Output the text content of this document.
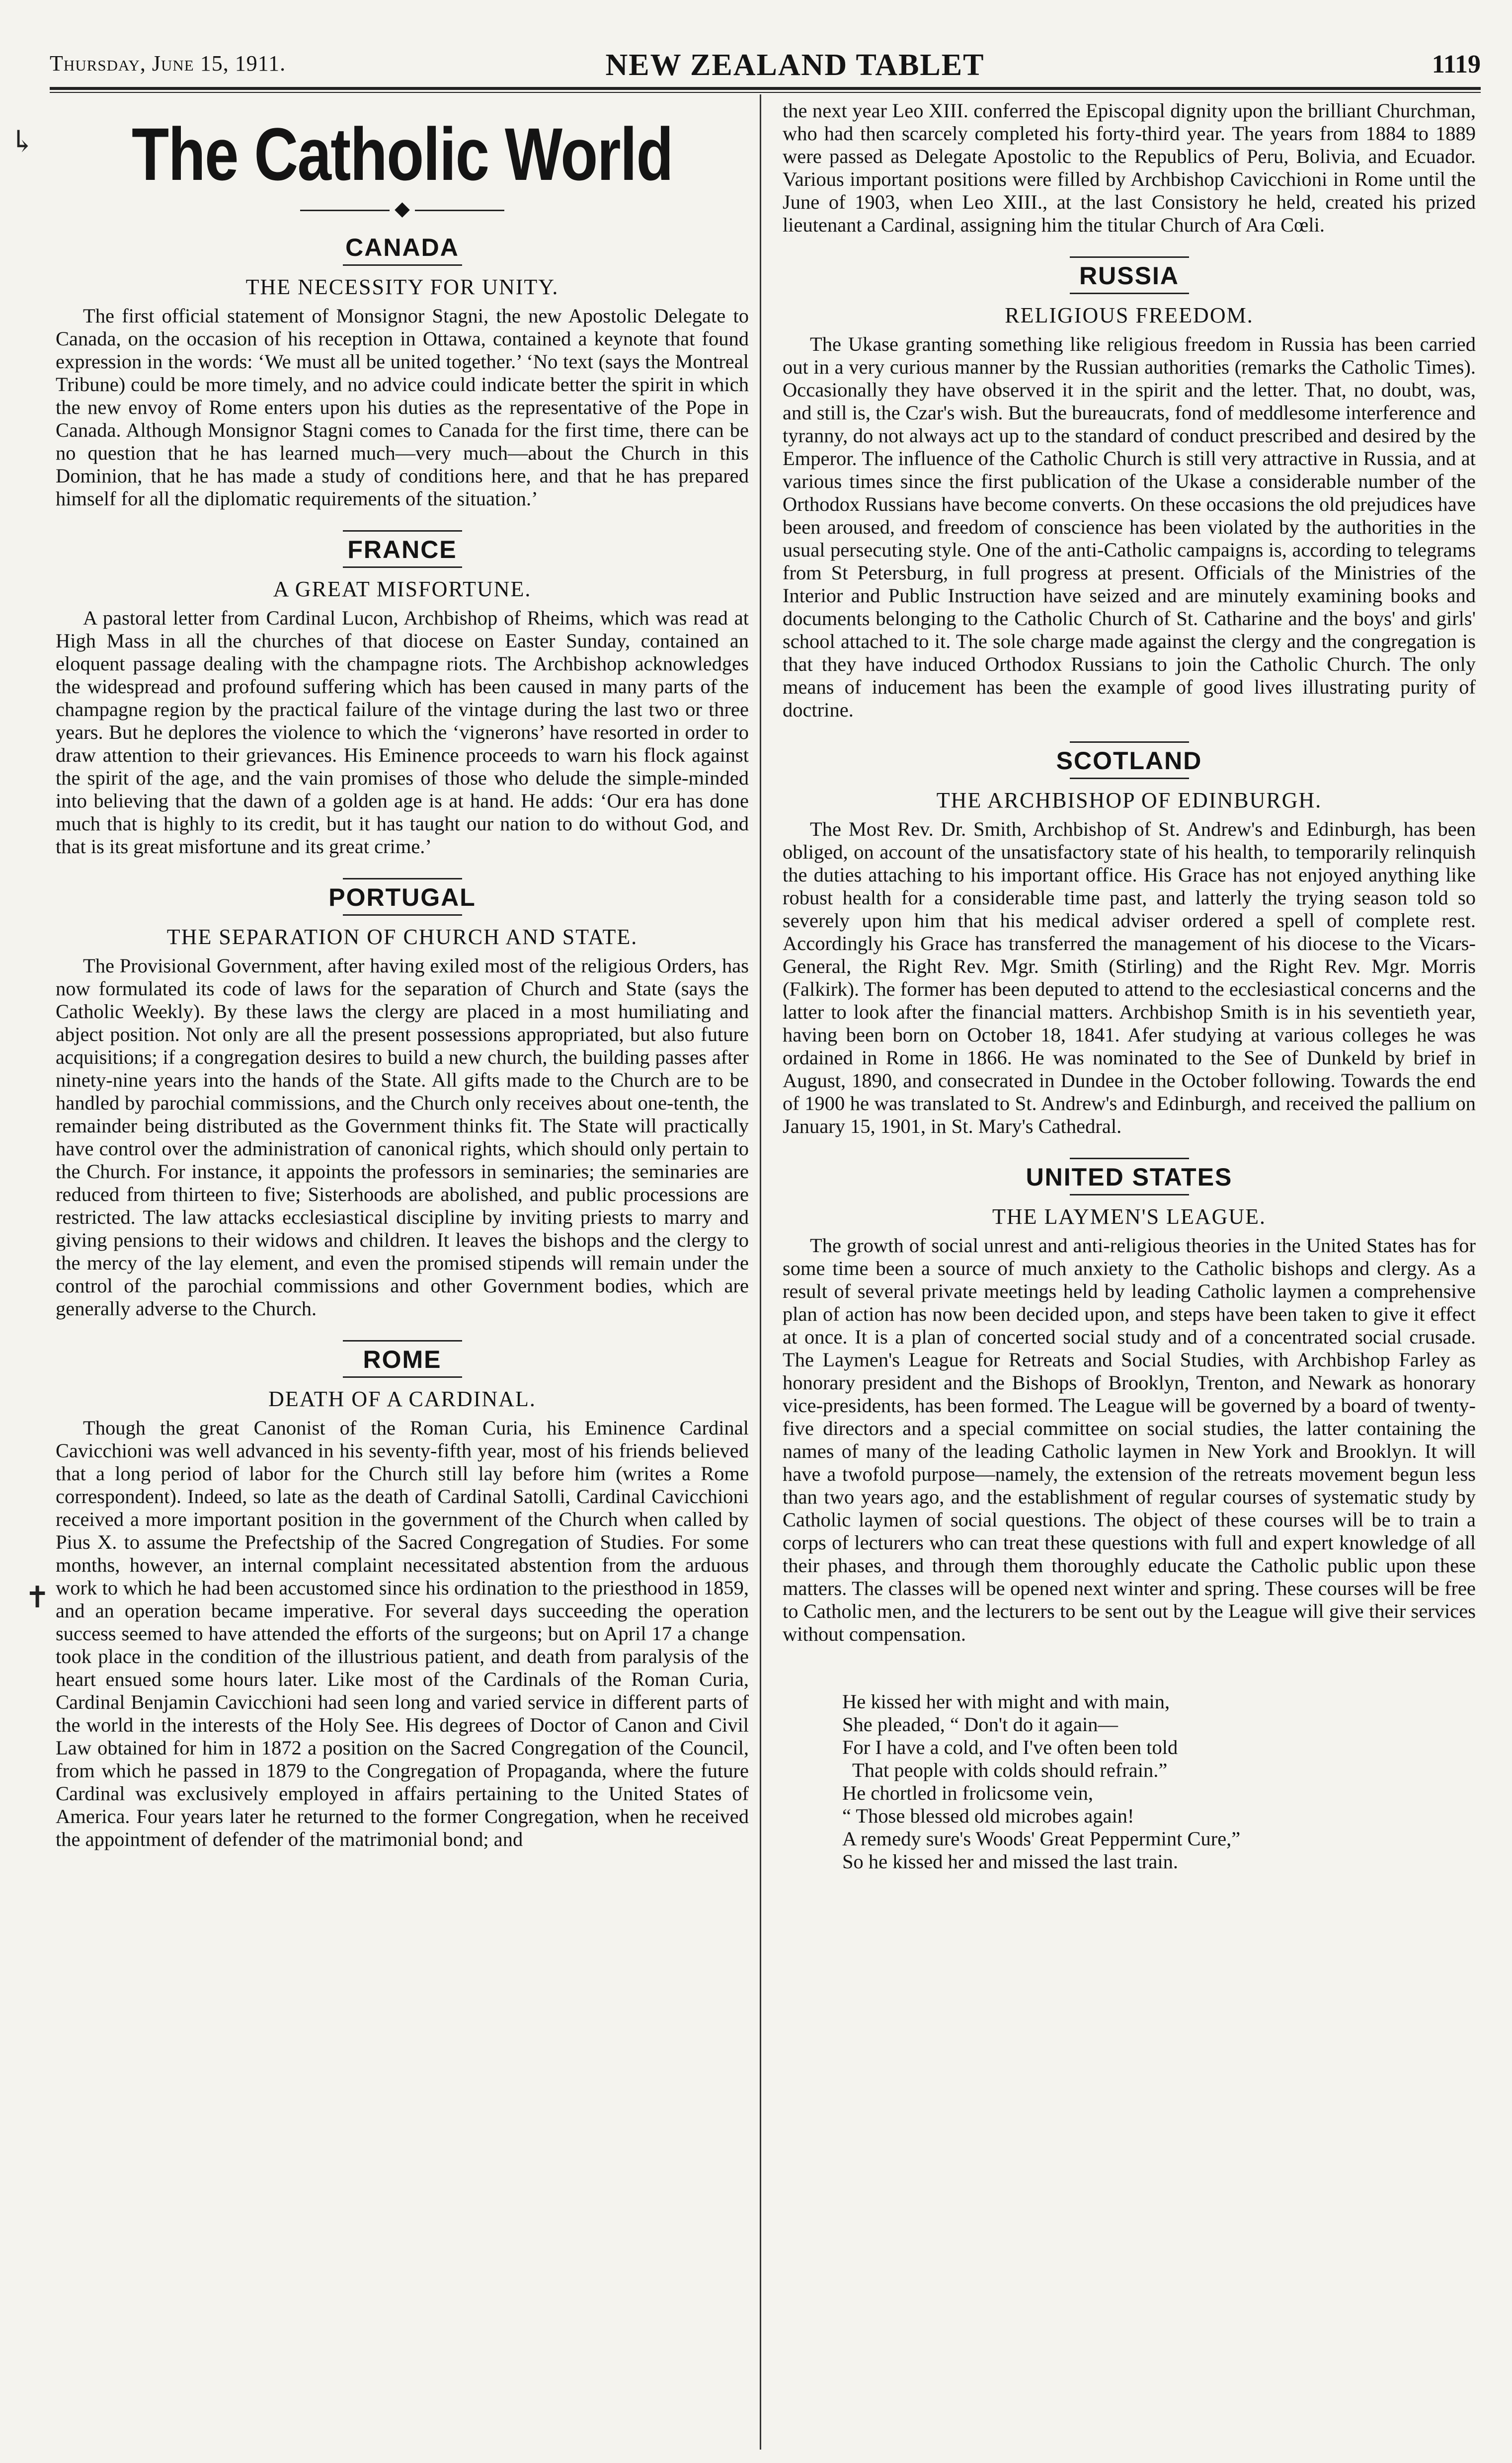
Thursday, June 15, 1911.	NEW ZEALAND TABLET	1119
↳
✝
The Catholic World
◆
CANADA
THE NECESSITY FOR UNITY.

The first official statement of Monsignor Stagni, the new Apostolic Delegate to Canada, on the occasion of his reception in Ottawa, contained a keynote that found expression in the words: ‘We must all be united together.’ ‘No text (says the Montreal Tribune) could be more timely, and no advice could indicate better the spirit in which the new envoy of Rome enters upon his duties as the representative of the Pope in Canada. Although Monsignor Stagni comes to Canada for the first time, there can be no question that he has learned much—very much—about the Church in this Dominion, that he has made a study of conditions here, and that he has prepared himself for all the diplomatic requirements of the situation.’

FRANCE
A GREAT MISFORTUNE.

A pastoral letter from Cardinal Lucon, Archbishop of Rheims, which was read at High Mass in all the churches of that diocese on Easter Sunday, contained an eloquent passage dealing with the champagne riots. The Archbishop acknowledges the widespread and profound suffering which has been caused in many parts of the champagne region by the practical failure of the vintage during the last two or three years. But he deplores the violence to which the ‘vignerons’ have resorted in order to draw attention to their grievances. His Eminence proceeds to warn his flock against the spirit of the age, and the vain promises of those who delude the simple-minded into believing that the dawn of a golden age is at hand. He adds: ‘Our era has done much that is highly to its credit, but it has taught our nation to do without God, and that is its great misfortune and its great crime.’

PORTUGAL
THE SEPARATION OF CHURCH AND STATE.

The Provisional Government, after having exiled most of the religious Orders, has now formulated its code of laws for the separation of Church and State (says the Catholic Weekly). By these laws the clergy are placed in a most humiliating and abject position. Not only are all the present possessions appropriated, but also future acquisitions; if a congregation desires to build a new church, the building passes after ninety-nine years into the hands of the State. All gifts made to the Church are to be handled by parochial commissions, and the Church only receives about one-tenth, the remainder being distributed as the Government thinks fit. The State will practically have control over the administration of canonical rights, which should only pertain to the Church. For instance, it appoints the professors in seminaries; the seminaries are reduced from thirteen to five; Sisterhoods are abolished, and public processions are restricted. The law attacks ecclesiastical discipline by inviting priests to marry and giving pensions to their widows and children. It leaves the bishops and the clergy to the mercy of the lay element, and even the promised stipends will remain under the control of the parochial commissions and other Government bodies, which are generally adverse to the Church.

ROME
DEATH OF A CARDINAL.

Though the great Canonist of the Roman Curia, his Eminence Cardinal Cavicchioni was well advanced in his seventy-fifth year, most of his friends believed that a long period of labor for the Church still lay before him (writes a Rome correspondent). Indeed, so late as the death of Cardinal Satolli, Cardinal Cavicchioni received a more important position in the government of the Church when called by Pius X. to assume the Prefectship of the Sacred Congregation of Studies. For some months, however, an internal complaint necessitated abstention from the arduous work to which he had been accustomed since his ordination to the priesthood in 1859, and an operation became imperative. For several days succeeding the operation success seemed to have attended the efforts of the surgeons; but on April 17 a change took place in the condition of the illustrious patient, and death from paralysis of the heart ensued some hours later. Like most of the Cardinals of the Roman Curia, Cardinal Benjamin Cavicchioni had seen long and varied service in different parts of the world in the interests of the Holy See. His degrees of Doctor of Canon and Civil Law obtained for him in 1872 a position on the Sacred Congregation of the Council, from which he passed in 1879 to the Congregation of Propaganda, where the future Cardinal was exclusively employed in affairs pertaining to the United States of America. Four years later he returned to the former Congregation, when he received the appointment of defender of the matrimonial bond; and

the next year Leo XIII. conferred the Episcopal dignity upon the brilliant Churchman, who had then scarcely completed his forty-third year. The years from 1884 to 1889 were passed as Delegate Apostolic to the Republics of Peru, Bolivia, and Ecuador. Various important positions were filled by Archbishop Cavicchioni in Rome until the June of 1903, when Leo XIII., at the last Consistory he held, created his prized lieutenant a Cardinal, assigning him the titular Church of Ara Cœli.

RUSSIA
RELIGIOUS FREEDOM.

The Ukase granting something like religious freedom in Russia has been carried out in a very curious manner by the Russian authorities (remarks the Catholic Times). Occasionally they have observed it in the spirit and the letter. That, no doubt, was, and still is, the Czar's wish. But the bureaucrats, fond of meddlesome interference and tyranny, do not always act up to the standard of conduct prescribed and desired by the Emperor. The influence of the Catholic Church is still very attractive in Russia, and at various times since the first publication of the Ukase a considerable number of the Orthodox Russians have become converts. On these occasions the old prejudices have been aroused, and freedom of conscience has been violated by the authorities in the usual persecuting style. One of the anti-Catholic campaigns is, according to telegrams from St Petersburg, in full progress at present. Officials of the Ministries of the Interior and Public Instruction have seized and are minutely examining books and documents belonging to the Catholic Church of St. Catharine and the boys' and girls' school attached to it. The sole charge made against the clergy and the congregation is that they have induced Orthodox Russians to join the Catholic Church. The only means of inducement has been the example of good lives illustrating purity of doctrine.

SCOTLAND
THE ARCHBISHOP OF EDINBURGH.

The Most Rev. Dr. Smith, Archbishop of St. Andrew's and Edinburgh, has been obliged, on account of the unsatisfactory state of his health, to temporarily relinquish the duties attaching to his important office. His Grace has not enjoyed anything like robust health for a considerable time past, and latterly the trying season told so severely upon him that his medical adviser ordered a spell of complete rest. Accordingly his Grace has transferred the management of his diocese to the Vicars-General, the Right Rev. Mgr. Smith (Stirling) and the Right Rev. Mgr. Morris (Falkirk). The former has been deputed to attend to the ecclesiastical concerns and the latter to look after the financial matters. Archbishop Smith is in his seventieth year, having been born on October 18, 1841. Afer studying at various colleges he was ordained in Rome in 1866. He was nominated to the See of Dunkeld by brief in August, 1890, and consecrated in Dundee in the October following. Towards the end of 1900 he was translated to St. Andrew's and Edinburgh, and received the pallium on January 15, 1901, in St. Mary's Cathedral.

UNITED STATES
THE LAYMEN'S LEAGUE.

The growth of social unrest and anti-religious theories in the United States has for some time been a source of much anxiety to the Catholic bishops and clergy. As a result of several private meetings held by leading Catholic laymen a comprehensive plan of action has now been decided upon, and steps have been taken to give it effect at once. It is a plan of concerted social study and of a concentrated social crusade. The Laymen's League for Retreats and Social Studies, with Archbishop Farley as honorary president and the Bishops of Brooklyn, Trenton, and Newark as honorary vice-presidents, has been formed. The League will be governed by a board of twenty-five directors and a special committee on social studies, the latter containing the names of many of the leading Catholic laymen in New York and Brooklyn. It will have a twofold purpose—namely, the extension of the retreats movement begun less than two years ago, and the establishment of regular courses of systematic study by Catholic laymen of social questions. The object of these courses will be to train a corps of lecturers who can treat these questions with full and expert knowledge of all their phases, and through them thoroughly educate the Catholic public upon these matters. The classes will be opened next winter and spring. These courses will be free to Catholic men, and the lecturers to be sent out by the League will give their services without compensation.

He kissed her with might and with main,
She pleaded, “ Don't do it again—
For I have a cold, and I've often been told
That people with colds should refrain.”
He chortled in frolicsome vein,
“ Those blessed old microbes again!
A remedy sure's Woods' Great Peppermint Cure,”
So he kissed her and missed the last train.
